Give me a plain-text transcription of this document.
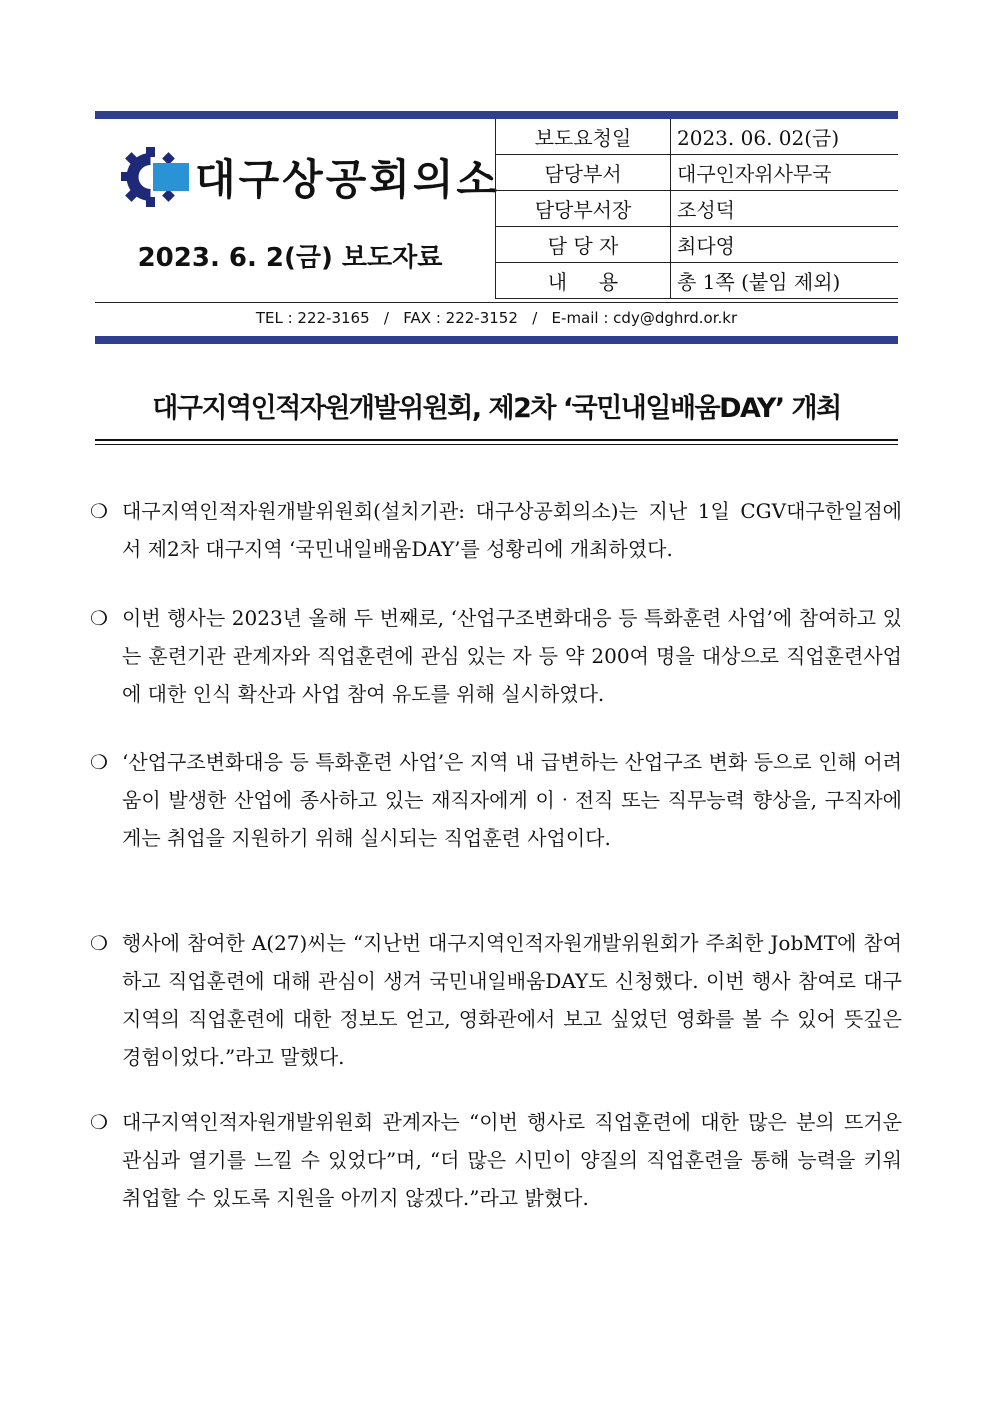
대구상공회의소
2023. 6. 2(금) 보도자료
보도요청일	2023. 06. 02(금)
담당부서	대구인자위사무국
담당부서장	조성덕
담 당 자	최다영
내     용	총 1쪽 (붙임 제외)
TEL : 222-3165   /   FAX : 222-3152   /   E-mail : cdy@dghrd.or.kr
대구지역인적자원개발위원회, 제2차 ‘국민내일배움DAY’ 개최
❍ 대구지역인적자원개발위원회(설치기관: 대구상공회의소)는 지난 1일 CGV대구한일점에서 제2차 대구지역 ‘국민내일배움DAY’를 성황리에 개최하였다.
❍ 이번 행사는 2023년 올해 두 번째로, ‘산업구조변화대응 등 특화훈련 사업’에 참여하고 있는 훈련기관 관계자와 직업훈련에 관심 있는 자 등 약 200여 명을 대상으로 직업훈련사업에 대한 인식 확산과 사업 참여 유도를 위해 실시하였다.
❍ ‘산업구조변화대응 등 특화훈련 사업’은 지역 내 급변하는 산업구조 변화 등으로 인해 어려움이 발생한 산업에 종사하고 있는 재직자에게 이‧전직 또는 직무능력 향상을, 구직자에게는 취업을 지원하기 위해 실시되는 직업훈련 사업이다.
❍ 행사에 참여한 A(27)씨는 “지난번 대구지역인적자원개발위원회가 주최한 JobMT에 참여하고 직업훈련에 대해 관심이 생겨 국민내일배움DAY도 신청했다. 이번 행사 참여로 대구지역의 직업훈련에 대한 정보도 얻고, 영화관에서 보고 싶었던 영화를 볼 수 있어 뜻깊은 경험이었다.”라고 말했다.
❍ 대구지역인적자원개발위원회 관계자는 “이번 행사로 직업훈련에 대한 많은 분의 뜨거운 관심과 열기를 느낄 수 있었다”며, “더 많은 시민이 양질의 직업훈련을 통해 능력을 키워 취업할 수 있도록 지원을 아끼지 않겠다.”라고 밝혔다.
